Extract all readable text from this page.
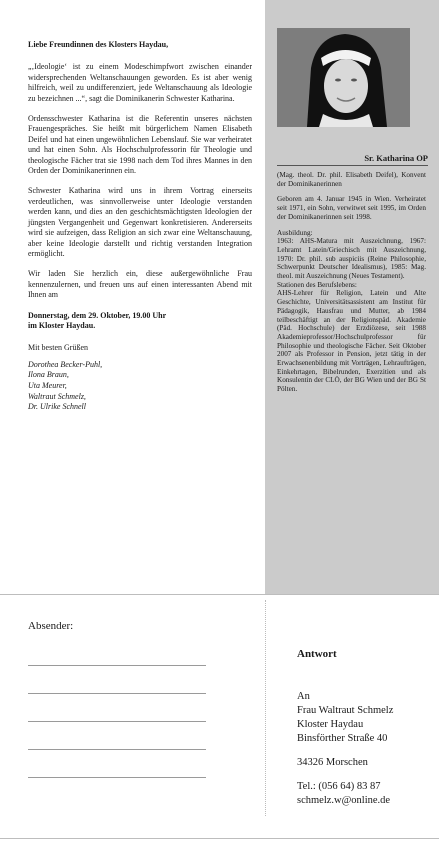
Liebe Freundinnen des Klosters Haydau,

„‚Ideologie‘ ist zu einem Modeschimpfwort zwischen einander widersprechenden Weltanschauungen geworden. Es ist aber wenig hilfreich, weil zu undifferenziert, jede Weltanschauung als Ideologie zu bezeichnen ...“, sagt die Dominikanerin Schwester Katharina.

Ordensschwester Katharina ist die Referentin unseres nächsten Frauengespräches. Sie heißt mit bürgerlichem Namen Elisabeth Deifel und hat einen ungewöhnlichen Lebenslauf. Sie war verheiratet und hat einen Sohn. Als Hochschulprofessorin für Theologie und theologische Fächer trat sie 1998 nach dem Tod ihres Mannes in den Orden der Dominikanerinnen ein.

Schwester Katharina wird uns in ihrem Vortrag einerseits verdeutlichen, was sinnvollerweise unter Ideologie verstanden werden kann, und dies an den geschichtsmächtigsten Ideologien der jüngsten Vergangenheit und Gegenwart konkretisieren. Andererseits wird sie aufzeigen, dass Religion an sich zwar eine Weltanschauung, aber keine Ideologie darstellt und richtig verstanden Integration ermöglicht.

Wir laden Sie herzlich ein, diese außergewöhnliche Frau kennenzulernen, und freuen uns auf einen interessanten Abend mit Ihnen am

Donnerstag, dem 29. Oktober, 19.00 Uhr
im Kloster Haydau.

Mit besten Grüßen

Dorothea Becker-Puhl,
Ilona Braun,
Uta Meurer,
Waltraut Schmelz,
Dr. Ulrike Schnell
Sr. Katharina OP

(Mag. theol. Dr. phil. Elisabeth Deifel), Konvent der Dominikanerinnen

Geboren am 4. Januar 1945 in Wien. Verheiratet seit 1971, ein Sohn, verwitwet seit 1995, im Orden der Dominikanerinnen seit 1998.

Ausbildung:
1963: AHS-Matura mit Auszeichnung, 1967: Lehramt Latein/Griechisch mit Auszeichnung, 1970: Dr. phil. sub auspiciis (Reine Philosophie, Schwerpunkt Deutscher Idealismus), 1985: Mag. theol. mit Auszeichnung (Neues Testament).
Stationen des Berufslebens:
AHS-Lehrer für Religion, Latein und Alte Geschichte, Universitätsassistent am Institut für Pädagogik, Hausfrau und Mutter, ab 1984 teilbeschäftigt an der Religionspäd. Akademie (Päd. Hochschule) der Erzdiözese, seit 1988 Akademieprofessor/Hochschulprofessor für Philosophie und theologische Fächer. Seit Oktober 2007 als Professor in Pension, jetzt tätig in der Erwachsenenbildung mit Vorträgen, Lehraufträgen, Einkehrtagen, Bibelrunden, Exerzitien und als Konsulentin der CLÖ, der BG Wien und der BG St Pölten.

Absender:
Antwort
An
Frau Waltraut Schmelz
Kloster Haydau
Binsförther Straße 40
34326 Morschen
Tel.: (056 64) 83 87
schmelz.w@online.de
